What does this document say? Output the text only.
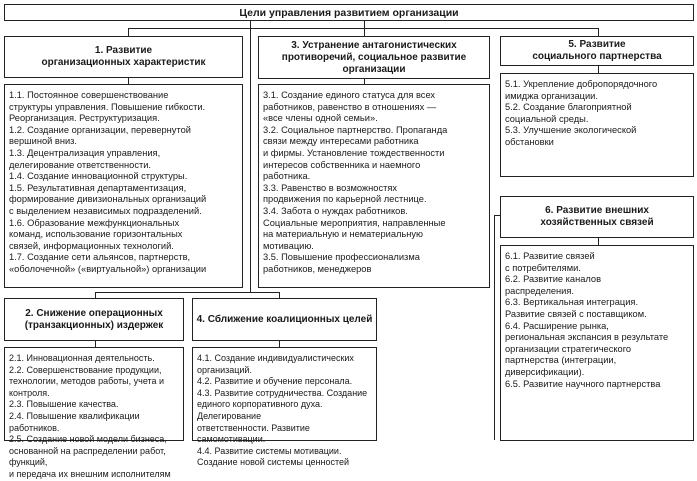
Цели управления развитием организации
1. Развитие
организационных характеристик
1.1. Постоянное совершенствование
структуры управления. Повышение гибкости.
Реорганизация. Реструктуризация.
1.2. Создание организации, перевернутой
вершиной вниз.
1.3. Децентрализация управления,
делегирование ответственности.
1.4. Создание инновационной структуры.
1.5. Результативная департаментизация,
формирование дивизиональных организаций
с выделением независимых подразделений.
1.6. Образование межфункциональных
команд, использование горизонтальных
связей, информационных технологий.
1.7. Создание сети альянсов, партнерств,
«оболочечной» («виртуальной») организации
3. Устранение антагонистических
противоречий, социальное развитие
организации
3.1. Создание единого статуса для всех
работников, равенство в отношениях —
«все члены одной семьи».
3.2. Социальное партнерство. Пропаганда
связи между интересами работника
и фирмы. Установление тождественности
интересов собственника и наемного
работника.
3.3. Равенство в возможностях
продвижения по карьерной лестнице.
3.4. Забота о нуждах работников.
Социальные мероприятия, направленные
на материальную и нематериальную
мотивацию.
3.5. Повышение профессионализма
работников, менеджеров
5. Развитие
социального партнерства
5.1. Укрепление добропорядочного
имиджа организации.
5.2. Создание благоприятной
социальной среды.
5.3. Улучшение экологической
обстановки
6. Развитие внешних
хозяйственных связей
6.1. Развитие связей
с потребителями.
6.2. Развитие каналов
распределения.
6.3. Вертикальная интеграция.
Развитие связей с поставщиком.
6.4. Расширение рынка,
региональная экспансия в результате
организации стратегического
партнерства (интеграции,
диверсификации).
6.5. Развитие научного партнерства
2. Снижение операционных
(транзакционных) издержек
2.1. Инновационная деятельность.
2.2. Совершенствование продукции,
технологии, методов работы, учета и контроля.
2.3. Повышение качества.
2.4. Повышение квалификации работников.
2.5. Создание новой модели бизнеса,
основанной на распределении работ, функций,
и передача их внешним исполнителям
4. Сближение коалиционных целей
4.1. Создание индивидуалистических
организаций.
4.2. Развитие и обучение персонала.
4.3. Развитие сотрудничества. Создание
единого корпоративного духа. Делегирование
ответственности. Развитие самомотивации.
4.4. Развитие системы мотивации.
Создание новой системы ценностей
